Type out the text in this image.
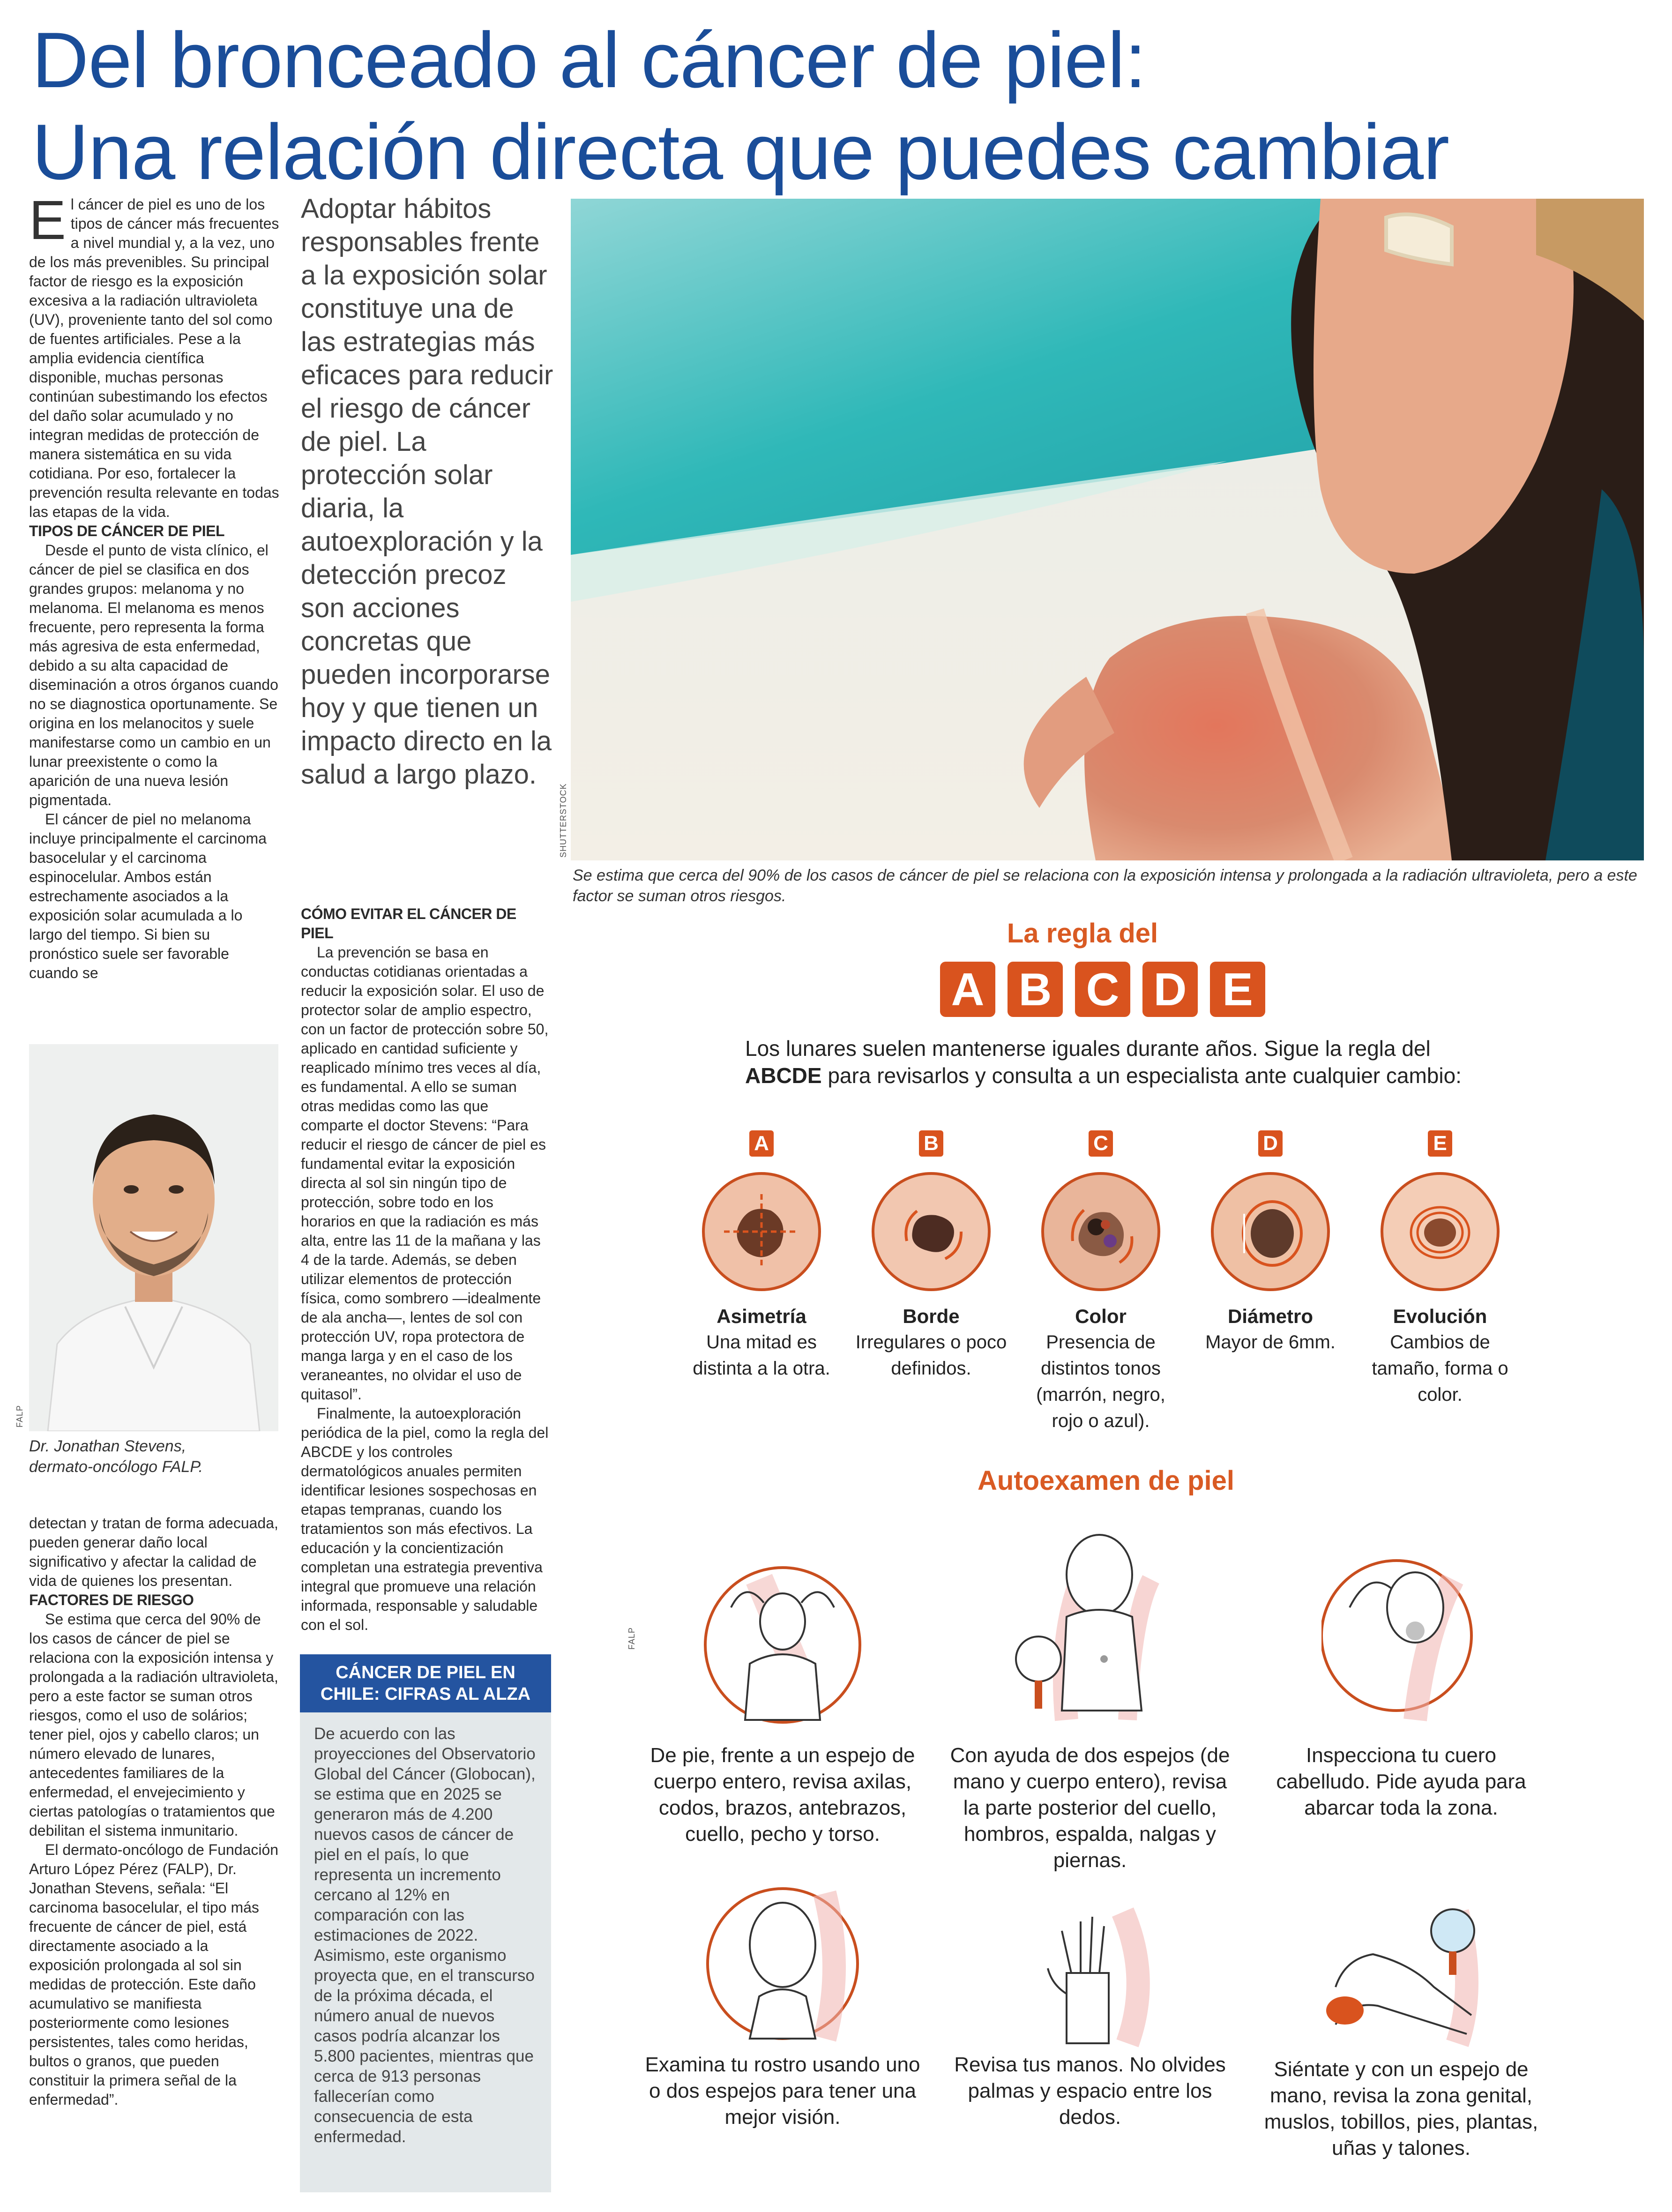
Del bronceado al cáncer de piel:
Una relación directa que puedes cambiar

El cáncer de piel es uno de los tipos de cáncer más frecuentes a nivel mundial y, a la vez, uno de los más prevenibles. Su principal factor de riesgo es la exposición excesiva a la radiación ultravioleta (UV), proveniente tanto del sol como de fuentes artificiales. Pese a la amplia evidencia científica disponible, muchas personas continúan subestimando los efectos del daño solar acumulado y no integran medidas de protección de manera sistemática en su vida cotidiana. Por eso, fortalecer la prevención resulta relevante en todas las etapas de la vida.

TIPOS DE CÁNCER DE PIEL

Desde el punto de vista clínico, el cáncer de piel se clasifica en dos grandes grupos: melanoma y no melanoma. El melanoma es menos frecuente, pero representa la forma más agresiva de esta enfermedad, debido a su alta capacidad de diseminación a otros órganos cuando no se diagnostica oportunamente. Se origina en los melanocitos y suele manifestarse como un cambio en un lunar preexistente o como la aparición de una nueva lesión pigmentada.

El cáncer de piel no melanoma incluye principalmente el carcinoma basocelular y el carcinoma espinocelular. Ambos están estrechamente asociados a la exposición solar acumulada a lo largo del tiempo. Si bien su pronóstico suele ser favorable cuando se

FALP
Dr. Jonathan Stevens,
dermato-oncólogo FALP.

detectan y tratan de forma adecuada, pueden generar daño local significativo y afectar la calidad de vida de quienes los presentan.

FACTORES DE RIESGO

Se estima que cerca del 90% de los casos de cáncer de piel se relaciona con la exposición intensa y prolongada a la radiación ultravioleta, pero a este factor se suman otros riesgos, como el uso de solários; tener piel, ojos y cabello claros; un número elevado de lunares, antecedentes familiares de la enfermedad, el envejecimiento y ciertas patologías o tratamientos que debilitan el sistema inmunitario.

El dermato-oncólogo de Fundación Arturo López Pérez (FALP), Dr. Jonathan Stevens, señala: “El carcinoma basocelular, el tipo más frecuente de cáncer de piel, está directamente asociado a la exposición prolongada al sol sin medidas de protección. Este daño acumulativo se manifiesta posteriormente como lesiones persistentes, tales como heridas, bultos o granos, que pueden constituir la primera señal de la enfermedad”.

Adoptar hábitos responsables frente a la exposición solar constituye una de las estrategias más eficaces para reducir el riesgo de cáncer de piel. La protección solar diaria, la autoexploración y la detección precoz son acciones concretas que pueden incorporarse hoy y que tienen un impacto directo en la salud a largo plazo.

CÓMO EVITAR EL CÁNCER DE PIEL

La prevención se basa en conductas cotidianas orientadas a reducir la exposición solar. El uso de protector solar de amplio espectro, con un factor de protección sobre 50, aplicado en cantidad suficiente y reaplicado mínimo tres veces al día, es fundamental. A ello se suman otras medidas como las que comparte el doctor Stevens: “Para reducir el riesgo de cáncer de piel es fundamental evitar la exposición directa al sol sin ningún tipo de protección, sobre todo en los horarios en que la radiación es más alta, entre las 11 de la mañana y las 4 de la tarde. Además, se deben utilizar elementos de protección física, como sombrero —idealmente de ala ancha—, lentes de sol con protección UV, ropa protectora de manga larga y en el caso de los veraneantes, no olvidar el uso de quitasol”.

Finalmente, la autoexploración periódica de la piel, como la regla del ABCDE y los controles dermatológicos anuales permiten identificar lesiones sospechosas en etapas tempranas, cuando los tratamientos son más efectivos. La educación y la concientización completan una estrategia preventiva integral que promueve una relación informada, responsable y saludable con el sol.

CÁNCER DE PIEL EN CHILE: CIFRAS AL ALZA
De acuerdo con las proyecciones del Observatorio Global del Cáncer (Globocan), se estima que en 2025 se generaron más de 4.200 nuevos casos de cáncer de piel en el país, lo que representa un incremento cercano al 12% en comparación con las estimaciones de 2022. Asimismo, este organismo proyecta que, en el transcurso de la próxima década, el número anual de nuevos casos podría alcanzar los 5.800 pacientes, mientras que cerca de 913 personas fallecerían como consecuencia de esta enfermedad.
SHUTTERSTOCK
Se estima que cerca del 90% de los casos de cáncer de piel se relaciona con la exposición intensa y prolongada a la radiación ultravioleta, pero a este factor se suman otros riesgos.
La regla del
A B C D E
Los lunares suelen mantenerse iguales durante años. Sigue la regla del ABCDE para revisarlos y consulta a un especialista ante cualquier cambio:
A
Asimetría
Una mitad es distinta a la otra.
B
Borde
Irregulares o poco definidos.
C
Color
Presencia de distintos tonos (marrón, negro, rojo o azul).
D
Diámetro
Mayor de 6mm.
E
Evolución
Cambios de tamaño, forma o color.
Autoexamen de piel
FALP
De pie, frente a un espejo de cuerpo entero, revisa axilas, codos, brazos, antebrazos, cuello, pecho y torso.
Con ayuda de dos espejos (de mano y cuerpo entero), revisa la parte posterior del cuello, hombros, espalda, nalgas y piernas.
Inspecciona tu cuero cabelludo. Pide ayuda para abarcar toda la zona.
Examina tu rostro usando uno o dos espejos para tener una mejor visión.
Revisa tus manos. No olvides palmas y espacio entre los dedos.
Siéntate y con un espejo de mano, revisa la zona genital, muslos, tobillos, pies, plantas, uñas y talones.
